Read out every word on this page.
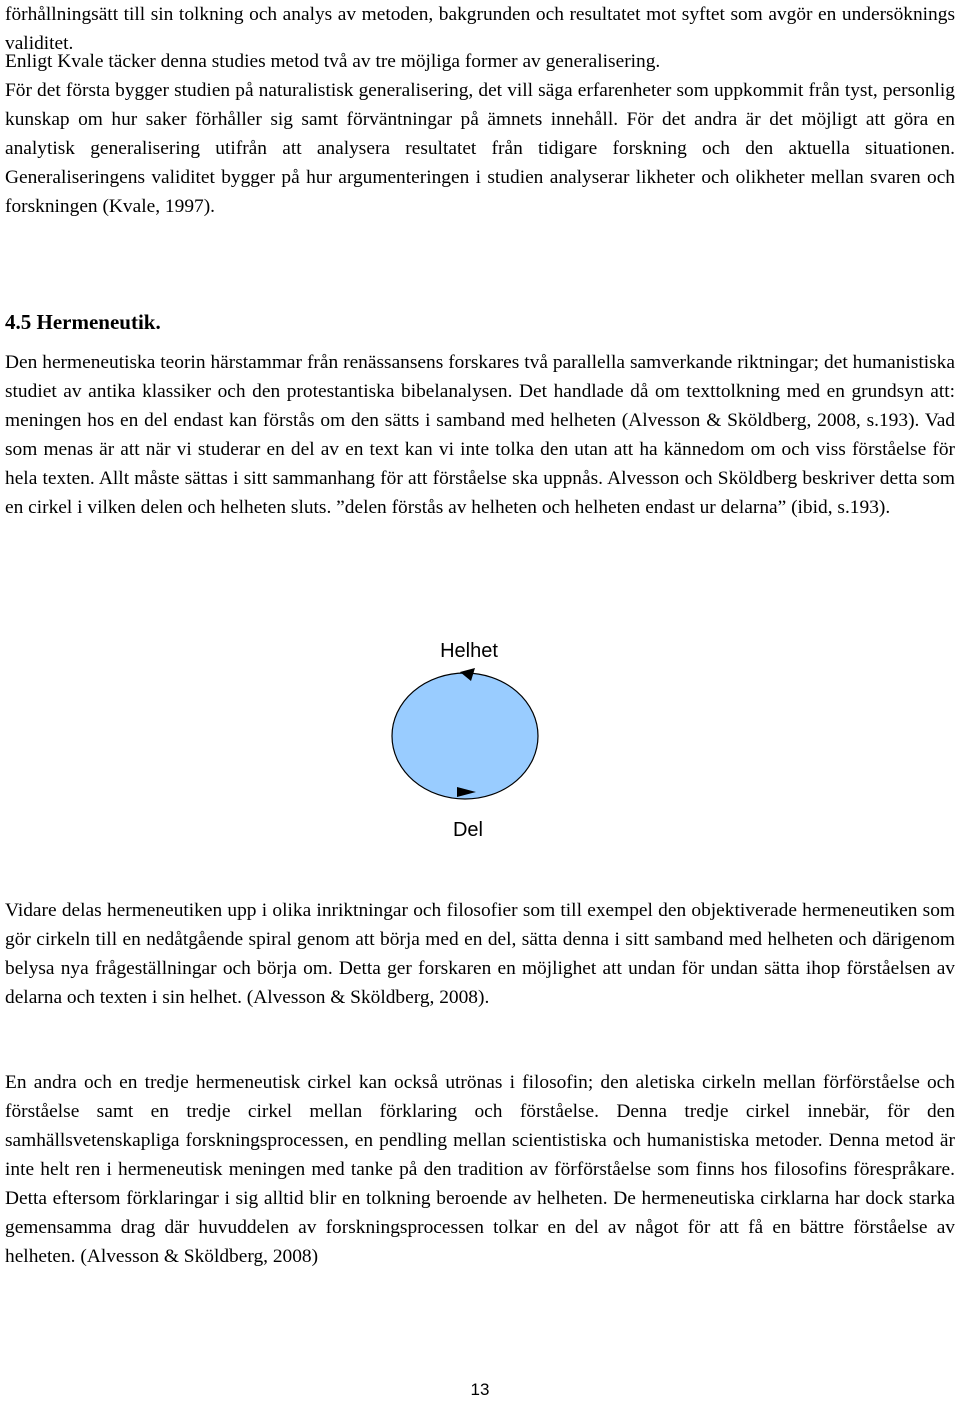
förhållningsätt till sin tolkning och analys av metoden, bakgrunden och resultatet mot syftet som avgör en undersöknings validitet.

Enligt Kvale täcker denna studies metod två av tre möjliga former av generalisering.

För det första bygger studien på naturalistisk generalisering, det vill säga erfarenheter som uppkommit från tyst, personlig kunskap om hur saker förhåller sig samt förväntningar på ämnets innehåll. För det andra är det möjligt att göra en analytisk generalisering utifrån att analysera resultatet från tidigare forskning och den aktuella situationen. Generaliseringens validitet bygger på hur argumenteringen i studien analyserar likheter och olikheter mellan svaren och forskningen (Kvale, 1997).

4.5 Hermeneutik.

Den hermeneutiska teorin härstammar från renässansens forskares två parallella samverkande riktningar; det humanistiska studiet av antika klassiker och den protestantiska bibelanalysen. Det handlade då om texttolkning med en grundsyn att: meningen hos en del endast kan förstås om den sätts i samband med helheten (Alvesson & Sköldberg, 2008, s.193). Vad som menas är att när vi studerar en del av en text kan vi inte tolka den utan att ha kännedom om och viss förståelse för hela texten. Allt måste sättas i sitt sammanhang för att förståelse ska uppnås. Alvesson och Sköldberg beskriver detta som en cirkel i vilken delen och helheten sluts. ”delen förstås av helheten och helheten endast ur delarna” (ibid, s.193).

Helhet
Del

Vidare delas hermeneutiken upp i olika inriktningar och filosofier som till exempel den objektiverade hermeneutiken som gör cirkeln till en nedåtgående spiral genom att börja med en del, sätta denna i sitt samband med helheten och därigenom belysa nya frågeställningar och börja om. Detta ger forskaren en möjlighet att undan för undan sätta ihop förståelsen av delarna och texten i sin helhet. (Alvesson & Sköldberg, 2008).

En andra och en tredje hermeneutisk cirkel kan också utrönas i filosofin; den aletiska cirkeln mellan förförståelse och förståelse samt en tredje cirkel mellan förklaring och förståelse. Denna tredje cirkel innebär, för den samhällsvetenskapliga forskningsprocessen, en pendling mellan scientistiska och humanistiska metoder. Denna metod är inte helt ren i hermeneutisk meningen med tanke på den tradition av förförståelse som finns hos filosofins förespråkare. Detta eftersom förklaringar i sig alltid blir en tolkning beroende av helheten. De hermeneutiska cirklarna har dock starka gemensamma drag där huvuddelen av forskningsprocessen tolkar en del av något för att få en bättre förståelse av helheten. (Alvesson & Sköldberg, 2008)

13
